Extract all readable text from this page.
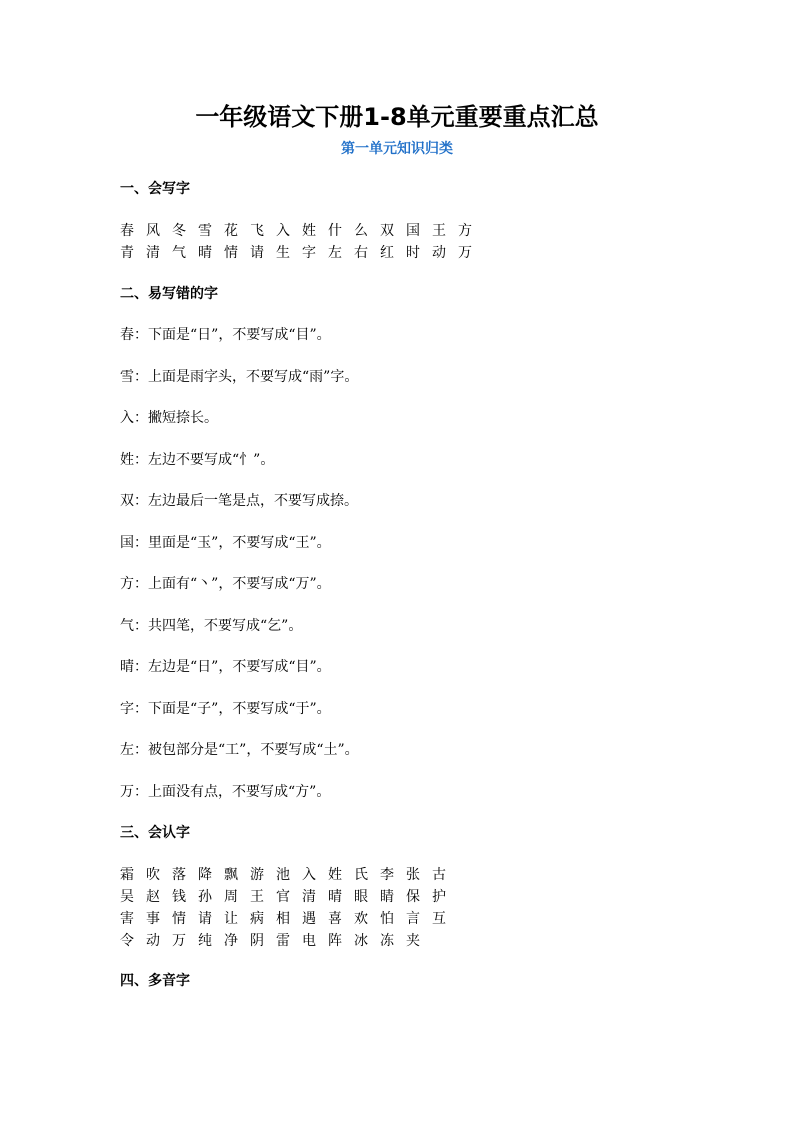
一年级语文下册1-8单元重要重点汇总
第一单元知识归类
一、会写字
春 风 冬 雪 花 飞 入 姓 什 么 双 国 王 方
青 清 气 晴 情 请 生 字 左 右 红 时 动 万
二、易写错的字
春：下面是“日”，不要写成“目”。
雪：上面是雨字头，不要写成“雨”字。
入：撇短捺长。
姓：左边不要写成“忄”。
双：左边最后一笔是点，不要写成捺。
国：里面是“玉”，不要写成“王”。
方：上面有“丶”，不要写成“万”。
气：共四笔，不要写成“乞”。
晴：左边是“日”，不要写成“目”。
字：下面是“子”，不要写成“于”。
左：被包部分是“工”，不要写成“土”。
万：上面没有点，不要写成“方”。
三、会认字
霜 吹 落 降 飘 游 池 入 姓 氏 李 张 古
吴 赵 钱 孙 周 王 官 清 晴 眼 睛 保 护
害 事 情 请 让 病 相 遇 喜 欢 怕 言 互
令 动 万 纯 净 阴 雷 电 阵 冰 冻 夹
四、多音字
